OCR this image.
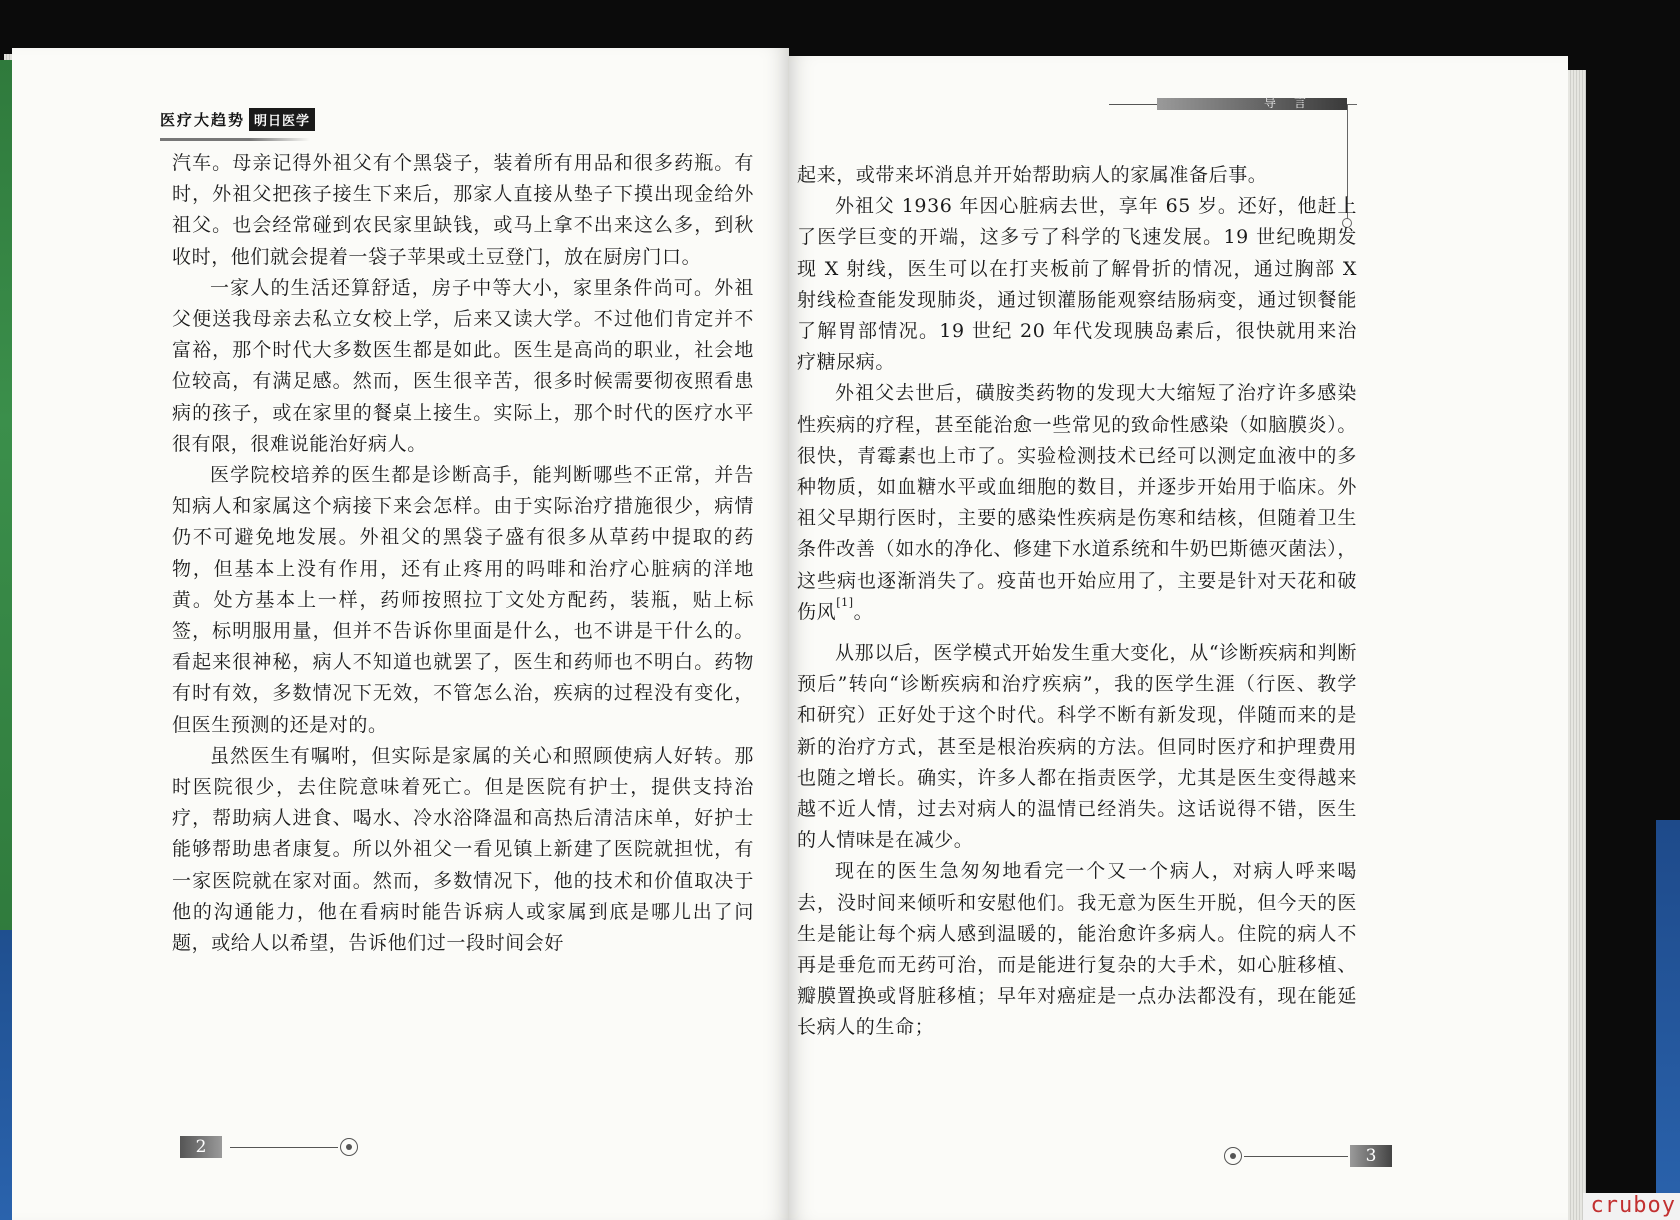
医疗大趋势 明日医学

汽车。母亲记得外祖父有个黑袋子，装着所有用品和很多药瓶。有时，外祖父把孩子接生下来后，那家人直接从垫子下摸出现金给外祖父。也会经常碰到农民家里缺钱，或马上拿不出来这么多，到秋收时，他们就会提着一袋子苹果或土豆登门，放在厨房门口。

一家人的生活还算舒适，房子中等大小，家里条件尚可。外祖父便送我母亲去私立女校上学，后来又读大学。不过他们肯定并不富裕，那个时代大多数医生都是如此。医生是高尚的职业，社会地位较高，有满足感。然而，医生很辛苦，很多时候需要彻夜照看患病的孩子，或在家里的餐桌上接生。实际上，那个时代的医疗水平很有限，很难说能治好病人。

医学院校培养的医生都是诊断高手，能判断哪些不正常，并告知病人和家属这个病接下来会怎样。由于实际治疗措施很少，病情仍不可避免地发展。外祖父的黑袋子盛有很多从草药中提取的药物，但基本上没有作用，还有止疼用的吗啡和治疗心脏病的洋地黄。处方基本上一样，药师按照拉丁文处方配药，装瓶，贴上标签，标明服用量，但并不告诉你里面是什么，也不讲是干什么的。看起来很神秘，病人不知道也就罢了，医生和药师也不明白。药物有时有效，多数情况下无效，不管怎么治，疾病的过程没有变化，但医生预测的还是对的。

虽然医生有嘱咐，但实际是家属的关心和照顾使病人好转。那时医院很少，去住院意味着死亡。但是医院有护士，提供支持治疗，帮助病人进食、喝水、冷水浴降温和高热后清洁床单，好护士能够帮助患者康复。所以外祖父一看见镇上新建了医院就担忧，有一家医院就在家对面。然而，多数情况下，他的技术和价值取决于他的沟通能力，他在看病时能告诉病人或家属到底是哪儿出了问题，或给人以希望，告诉他们过一段时间会好

2
导言

起来，或带来坏消息并开始帮助病人的家属准备后事。

外祖父 1936 年因心脏病去世，享年 65 岁。还好，他赶上了医学巨变的开端，这多亏了科学的飞速发展。19 世纪晚期发现 X 射线，医生可以在打夹板前了解骨折的情况，通过胸部 X 射线检查能发现肺炎，通过钡灌肠能观察结肠病变，通过钡餐能了解胃部情况。19 世纪 20 年代发现胰岛素后，很快就用来治疗糖尿病。

外祖父去世后，磺胺类药物的发现大大缩短了治疗许多感染性疾病的疗程，甚至能治愈一些常见的致命性感染（如脑膜炎）。很快，青霉素也上市了。实验检测技术已经可以测定血液中的多种物质，如血糖水平或血细胞的数目，并逐步开始用于临床。外祖父早期行医时，主要的感染性疾病是伤寒和结核，但随着卫生条件改善（如水的净化、修建下水道系统和牛奶巴斯德灭菌法），这些病也逐渐消失了。疫苗也开始应用了，主要是针对天花和破伤风[1]。

从那以后，医学模式开始发生重大变化，从“诊断疾病和判断预后”转向“诊断疾病和治疗疾病”，我的医学生涯（行医、教学和研究）正好处于这个时代。科学不断有新发现，伴随而来的是新的治疗方式，甚至是根治疾病的方法。但同时医疗和护理费用也随之增长。确实，许多人都在指责医学，尤其是医生变得越来越不近人情，过去对病人的温情已经消失。这话说得不错，医生的人情味是在减少。

现在的医生急匆匆地看完一个又一个病人，对病人呼来喝去，没时间来倾听和安慰他们。我无意为医生开脱，但今天的医生是能让每个病人感到温暖的，能治愈许多病人。住院的病人不再是垂危而无药可治，而是能进行复杂的大手术，如心脏移植、瓣膜置换或肾脏移植；早年对癌症是一点办法都没有，现在能延长病人的生命；

3
cruboy
